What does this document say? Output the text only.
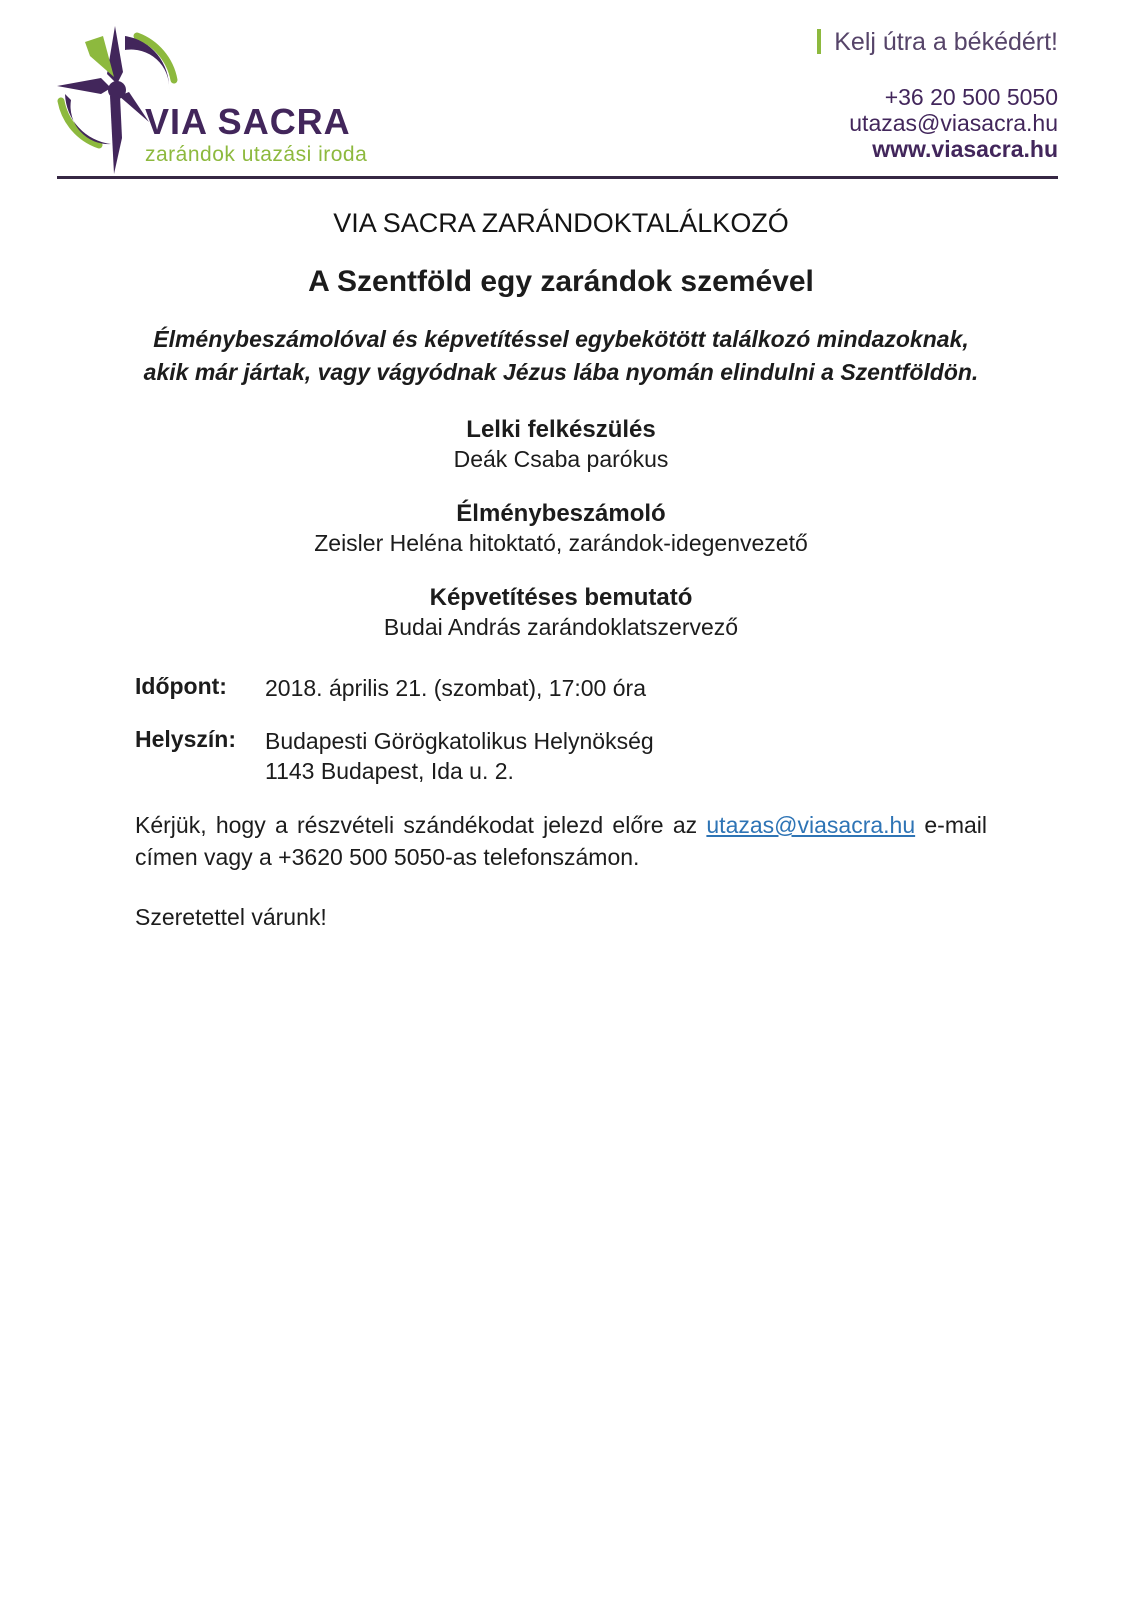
VIA SACRA
zarándok utazási iroda
Kelj útra a békédért!
+36 20 500 5050
utazas@viasacra.hu
www.viasacra.hu
VIA SACRA ZARÁNDOKTALÁLKOZÓ
A Szentföld egy zarándok szemével
Élménybeszámolóval és képvetítéssel egybekötött találkozó mindazoknak,
akik már jártak, vagy vágyódnak Jézus lába nyomán elindulni a Szentföldön.
Lelki felkészülés
Deák Csaba parókus
Élménybeszámoló
Zeisler Heléna hitoktató, zarándok-idegenvezető
Képvetítéses bemutató
Budai András zarándoklatszervező
Időpont:	2018. április 21. (szombat), 17:00 óra
Helyszín:	Budapesti Görögkatolikus Helynökség
1143 Budapest, Ida u. 2.
Kérjük, hogy a részvételi szándékodat jelezd előre az utazas@viasacra.hu e-mail címen vagy a +3620 500 5050-as telefonszámon.
Szeretettel várunk!
